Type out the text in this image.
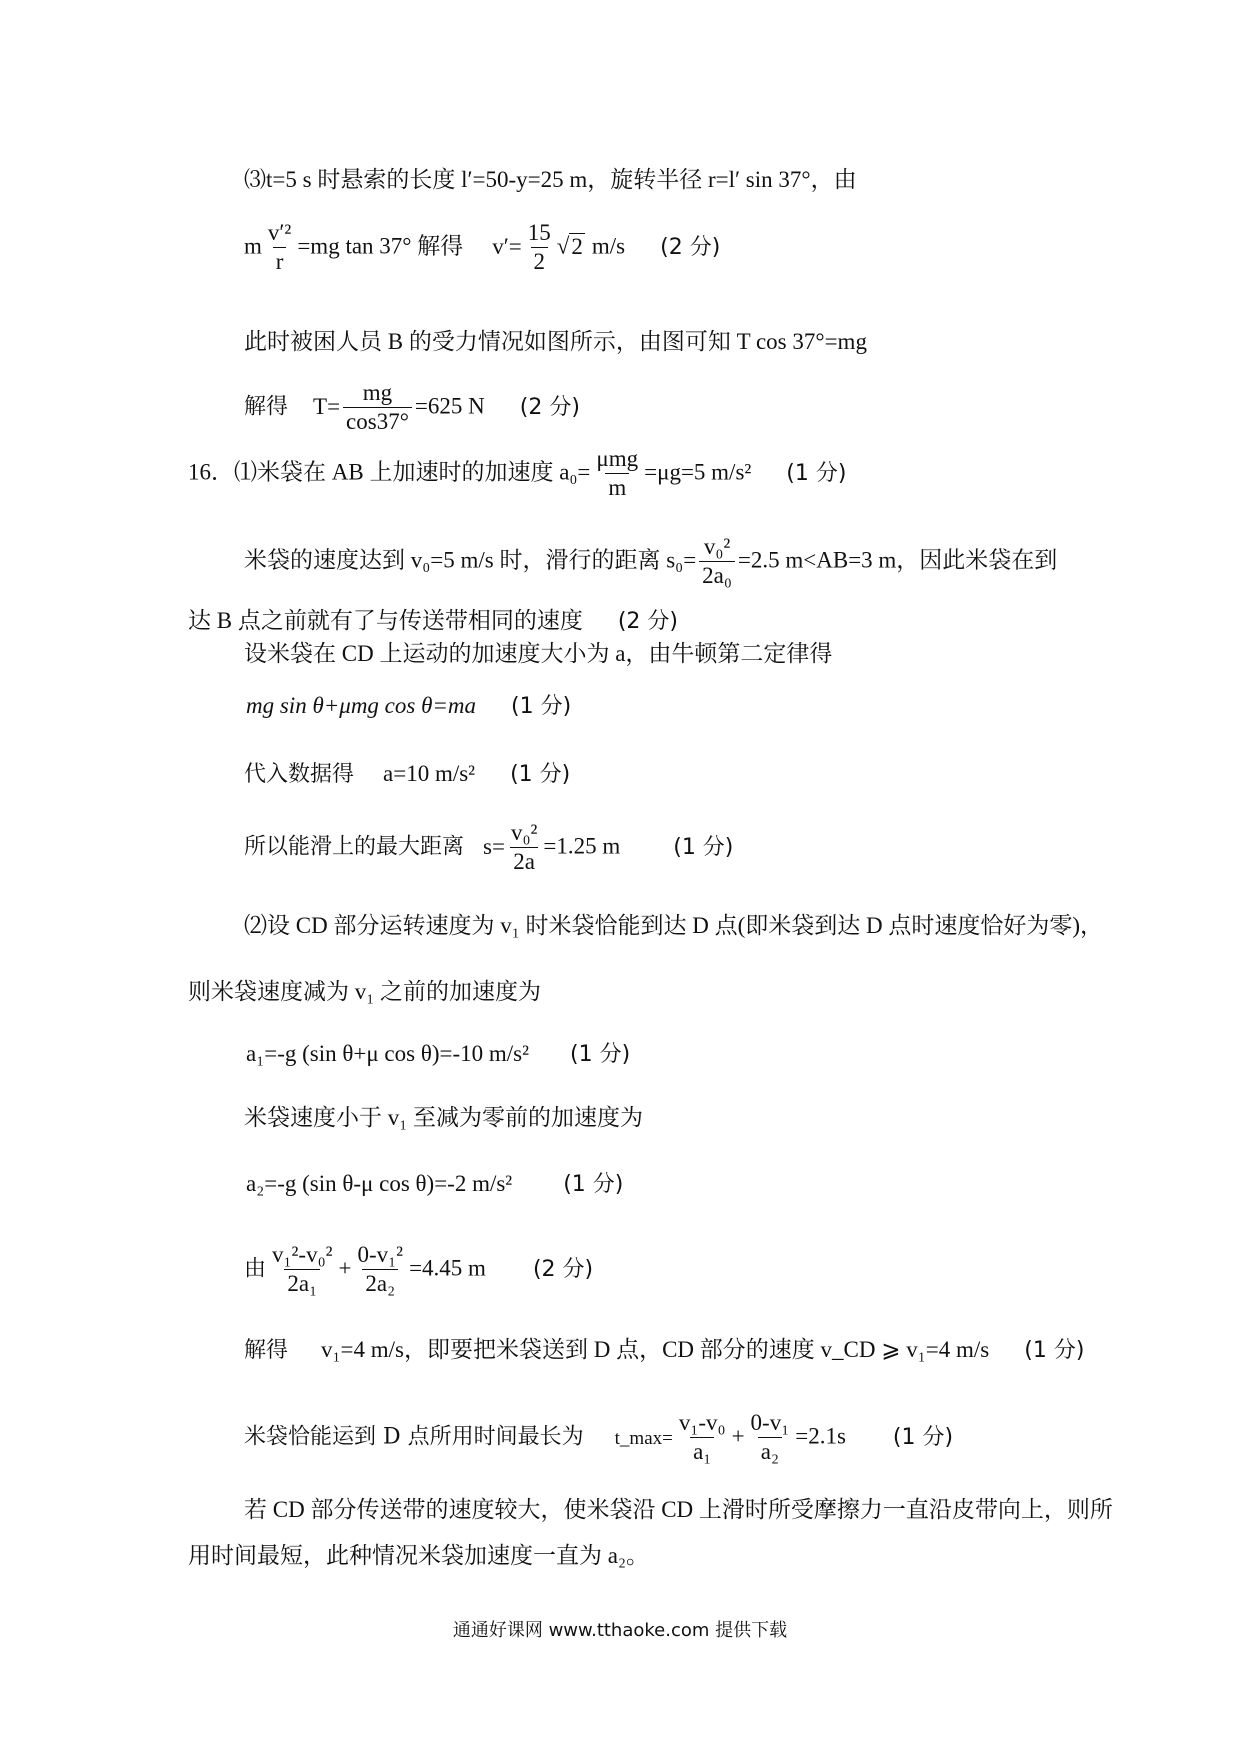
⑶t=5 s 时悬索的长度 l′=50-y=25 m，旋转半径 r=l′ sin 37°，由
m $\frac{\text{v′²}}{r} =mg$ tan 37° 解得 $v'= \frac{15}{2} √2$ m/s (2 分)
此时被困人员 B 的受力情况如图所示，由图可知 T cos 37°=mg
解得 $T= \frac{mg}{\cos 37^\circ} =625$ N (2 分)
16．⑴米袋在 AB 上加速时的加速度 $a_0= \frac{\text{μmg}}{m} =\mu g=5$ m/s² (1 分)
米袋的速度达到 v₀=5 m/s 时，滑行的距离 $s_0= \frac{\text{v₀²}}{\text{2a₀}} =2.5$ m<AB=3 m，因此米袋在到
达 B 点之前就有了与传送带相同的速度 (2 分)
设米袋在 CD 上运动的加速度大小为 a，由牛顿第二定律得
mg sin θ+μmg cos θ=ma (1 分)
代入数据得 a=10 m/s² (1 分)
所以能滑上的最大距离 $s= \frac{\text{v₀²}}{2a} =1.25$ m (1 分)
⑵设 CD 部分运转速度为 v₁ 时米袋恰能到达 D 点(即米袋到达 D 点时速度恰好为零)，
则米袋速度减为 v₁ 之前的加速度为
a₁=-g (sin θ+μ cos θ)=-10 m/s² (1 分)
米袋速度小于 v₁ 至减为零前的加速度为
a₂=-g (sin θ-μ cos θ)=-2 m/s² (1 分)
由 $\frac{\text{v₁²-v₀²}}{\text{2a₁}} + \frac{\text{0-v₁²}}{\text{2a₂}} =4.45$ m (2 分)
解得 v₁=4 m/s，即要把米袋送到 D 点，CD 部分的速度 v_CD ⩾ v₁=4 m/s (1 分)
米袋恰能运到 D 点所用时间最长为 t_max= $\frac{\text{v₁-v₀}}{\text{a₁}} + \frac{\text{0-v₁}}{\text{a₂}} =2.1s$ (1 分)
若 CD 部分传送带的速度较大，使米袋沿 CD 上滑时所受摩擦力一直沿皮带向上，则所
用时间最短，此种情况米袋加速度一直为 a₂。
通通好课网 www.tthaoke.com 提供下载
